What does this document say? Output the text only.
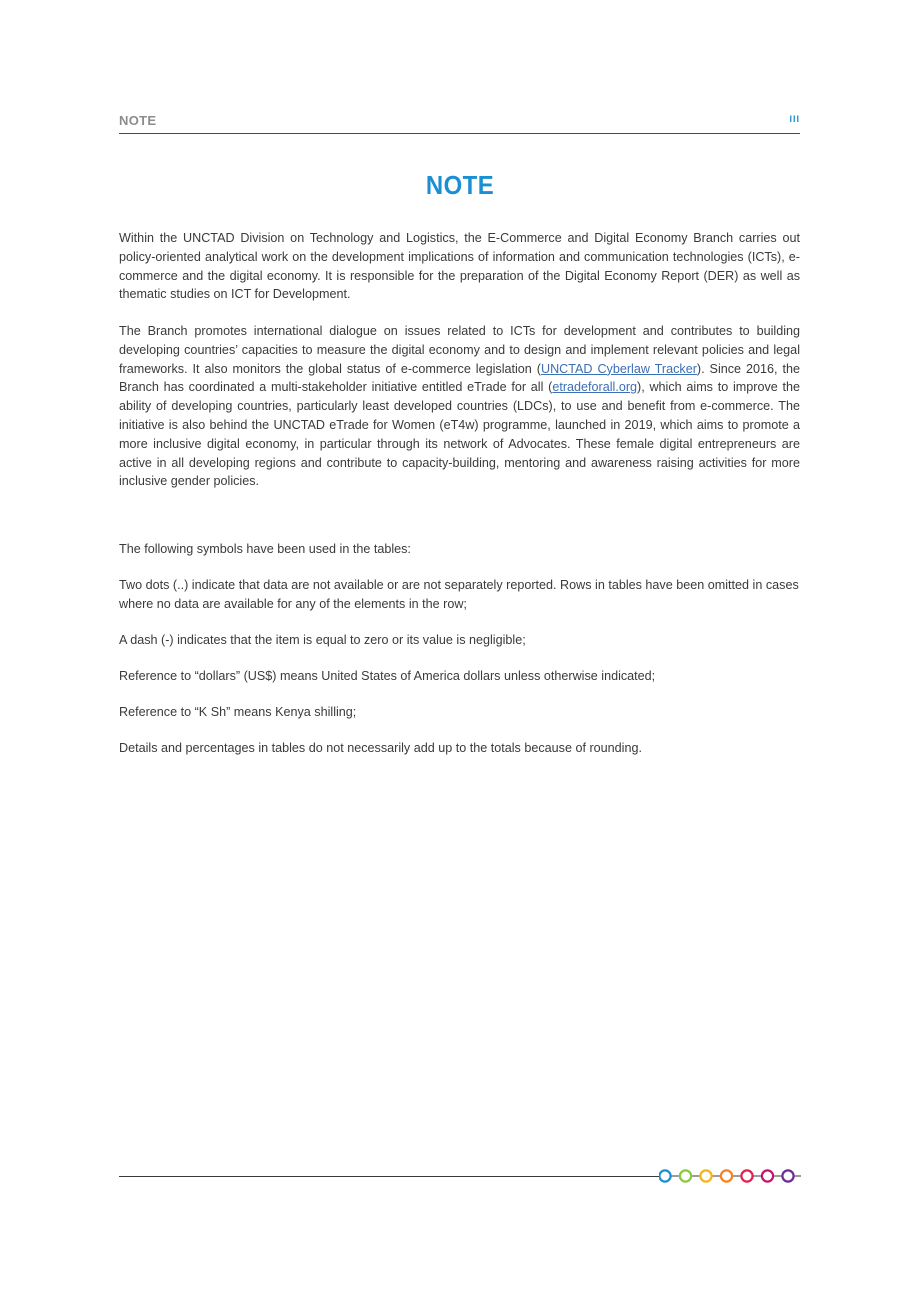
NOTE	III
NOTE

Within the UNCTAD Division on Technology and Logistics, the E-Commerce and Digital Economy Branch carries out policy-oriented analytical work on the development implications of information and communication technologies (ICTs), e-commerce and the digital economy. It is responsible for the preparation of the Digital Economy Report (DER) as well as thematic studies on ICT for Development.

The Branch promotes international dialogue on issues related to ICTs for development and contributes to building developing countries’ capacities to measure the digital economy and to design and implement relevant policies and legal frameworks. It also monitors the global status of e-commerce legislation (UNCTAD Cyberlaw Tracker). Since 2016, the Branch has coordinated a multi-stakeholder initiative entitled eTrade for all (etradeforall.org), which aims to improve the ability of developing countries, particularly least developed countries (LDCs), to use and benefit from e-commerce. The initiative is also behind the UNCTAD eTrade for Women (eT4w) programme, launched in 2019, which aims to promote a more inclusive digital economy, in particular through its network of Advocates. These female digital entrepreneurs are active in all developing regions and contribute to capacity-building, mentoring and awareness raising activities for more inclusive gender policies.

The following symbols have been used in the tables:

Two dots (..) indicate that data are not available or are not separately reported. Rows in tables have been omitted in cases where no data are available for any of the elements in the row;

A dash (-) indicates that the item is equal to zero or its value is negligible;

Reference to “dollars” (US$) means United States of America dollars unless otherwise indicated;

Reference to “K Sh” means Kenya shilling;

Details and percentages in tables do not necessarily add up to the totals because of rounding.
